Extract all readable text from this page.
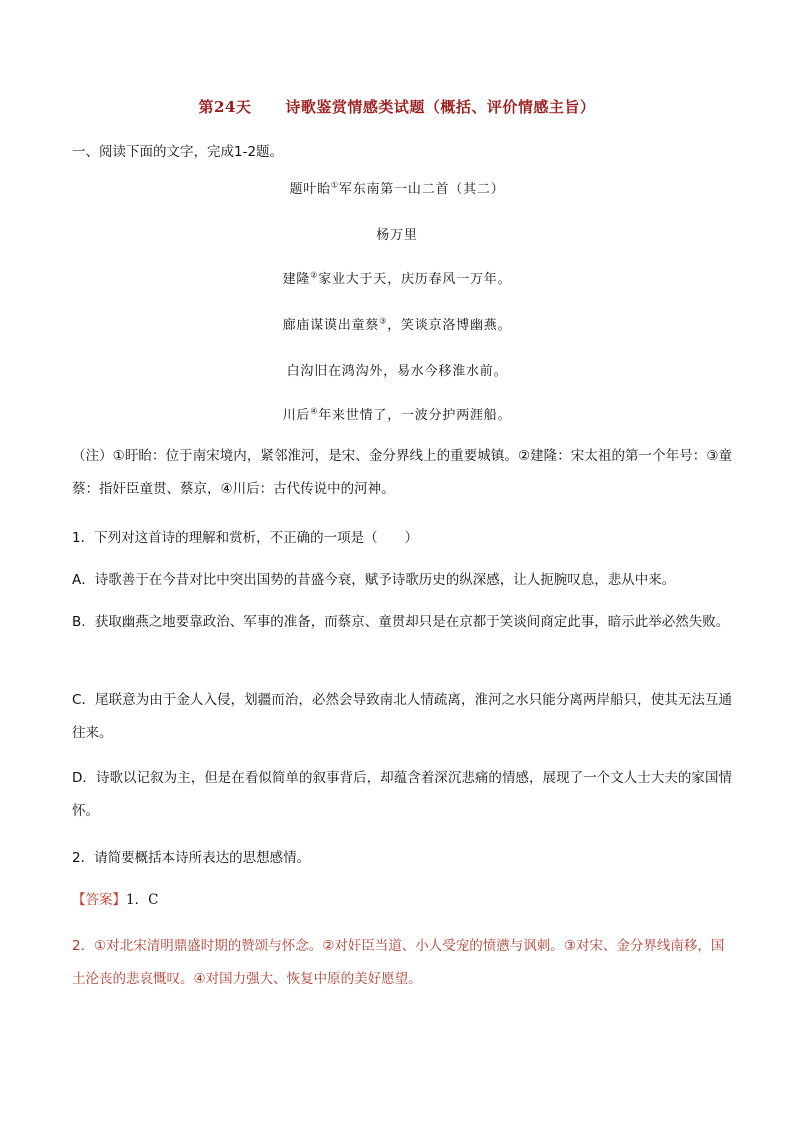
第24天 诗歌鉴赏情感类试题（概括、评价情感主旨）
一、阅读下面的文字，完成1-2题。
题叶眙①军东南第一山二首（其二）
杨万里
建隆②家业大于天，庆历春风一万年。
廊庙谋谟出童蔡③，笑谈京洛博幽燕。
白沟旧在鸿沟外，易水今移淮水前。
川后④年来世情了，一波分护两涯船。
（注）①盱眙：位于南宋境内，紧邻淮河，是宋、金分界线上的重要城镇。②建隆：宋太祖的第一个年号：③童蔡：指奸臣童贯、蔡京，④川后：古代传说中的河神。
1．下列对这首诗的理解和赏析，不正确的一项是（　　）
A．诗歌善于在今昔对比中突出国势的昔盛今衰，赋予诗歌历史的纵深感，让人扼腕叹息，悲从中来。
B．获取幽燕之地要靠政治、军事的准备，而蔡京、童贯却只是在京都于笑谈间商定此事，暗示此举必然失败。
C．尾联意为由于金人入侵，划疆而治，必然会导致南北人情疏离，淮河之水只能分离两岸船只，使其无法互通往来。
D．诗歌以记叙为主，但是在看似简单的叙事背后，却蕴含着深沉悲痛的情感，展现了一个文人士大夫的家国情怀。
2．请简要概括本诗所表达的思想感情。
【答案】1．C
2．①对北宋清明鼎盛时期的赞颂与怀念。②对奸臣当道、小人受宠的愤懑与讽刺。③对宋、金分界线南移，国土沦丧的悲哀慨叹。④对国力强大、恢复中原的美好愿望。
